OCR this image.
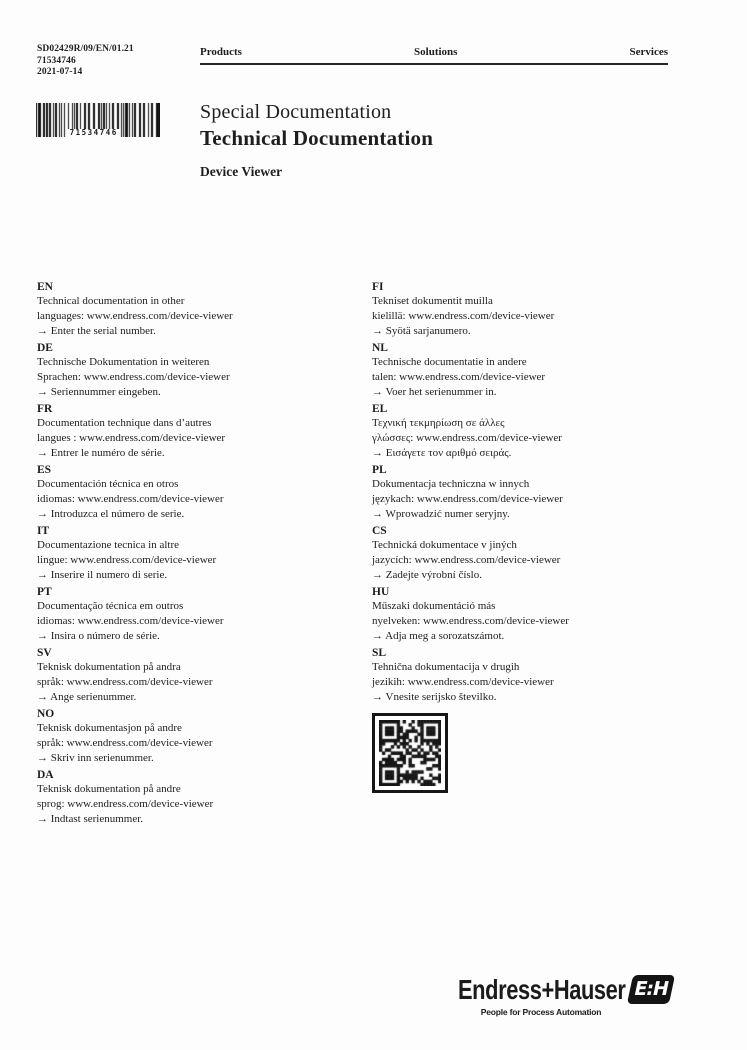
SD02429R/09/EN/01.21
71534746
2021-07-14
Products	Solutions	Services
71534746
Special Documentation
Technical Documentation
Device Viewer
EN
Technical documentation in other
languages: www.endress.com/device-viewer
→ Enter the serial number.
DE
Technische Dokumentation in weiteren
Sprachen: www.endress.com/device-viewer
→ Seriennummer eingeben.
FR
Documentation technique dans d’autres
langues : www.endress.com/device-viewer
→ Entrer le numéro de série.
ES
Documentación técnica en otros
idiomas: www.endress.com/device-viewer
→ Introduzca el número de serie.
IT
Documentazione tecnica in altre
lingue: www.endress.com/device-viewer
→ Inserire il numero di serie.
PT
Documentação técnica em outros
idiomas: www.endress.com/device-viewer
→ Insira o número de série.
SV
Teknisk dokumentation på andra
språk: www.endress.com/device-viewer
→ Ange serienummer.
NO
Teknisk dokumentasjon på andre
språk: www.endress.com/device-viewer
→ Skriv inn serienummer.
DA
Teknisk dokumentation på andre
sprog: www.endress.com/device-viewer
→ Indtast serienummer.
FI
Tekniset dokumentit muilla
kielillä: www.endress.com/device-viewer
→ Syötä sarjanumero.
NL
Technische documentatie in andere
talen: www.endress.com/device-viewer
→ Voer het serienummer in.
EL
Τεχνική τεκμηρίωση σε άλλες
γλώσσες: www.endress.com/device-viewer
→ Εισάγετε τον αριθμό σειράς.
PL
Dokumentacja techniczna w innych
językach: www.endress.com/device-viewer
→ Wprowadzić numer seryjny.
CS
Technická dokumentace v jiných
jazycích: www.endress.com/device-viewer
→ Zadejte výrobní číslo.
HU
Műszaki dokumentáció más
nyelveken: www.endress.com/device-viewer
→ Adja meg a sorozatszámot.
SL
Tehnična dokumentacija v drugih
jezikih: www.endress.com/device-viewer
→ Vnesite serijsko številko.
Endress+Hauser E:H
People for Process Automation
